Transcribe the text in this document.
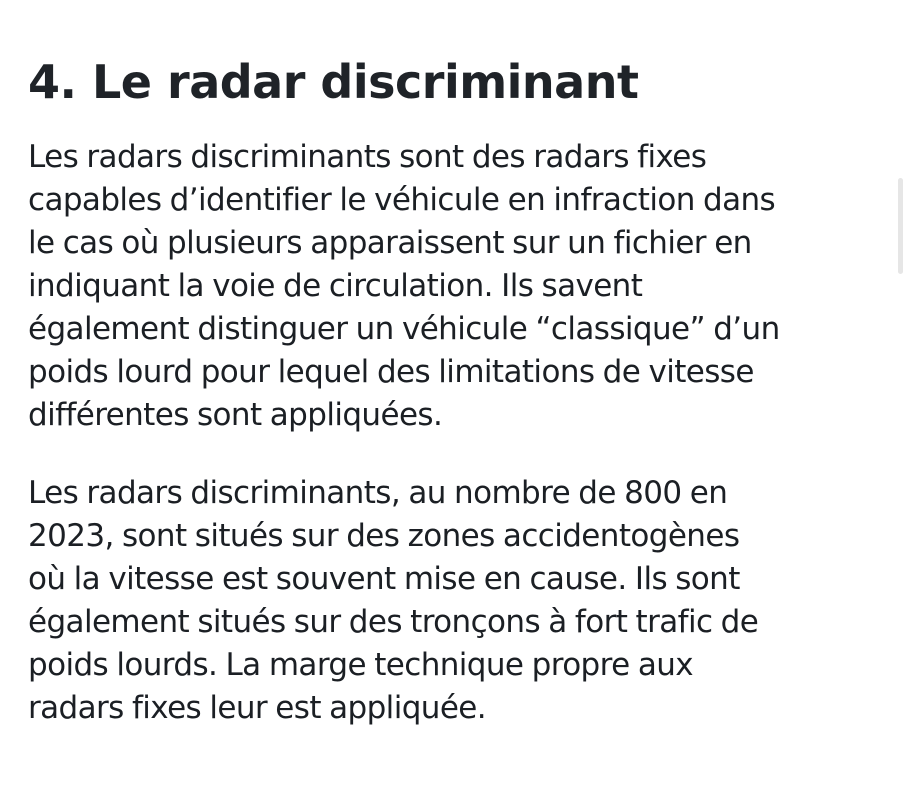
4. Le radar discriminant

Les radars discriminants sont des radars fixes
capables d’identifier le véhicule en infraction dans
le cas où plusieurs apparaissent sur un fichier en
indiquant la voie de circulation. Ils savent
également distinguer un véhicule “classique” d’un
poids lourd pour lequel des limitations de vitesse
différentes sont appliquées.

Les radars discriminants, au nombre de 800 en
2023, sont situés sur des zones accidentogènes
où la vitesse est souvent mise en cause. Ils sont
également situés sur des tronçons à fort trafic de
poids lourds. La marge technique propre aux
radars fixes leur est appliquée.
